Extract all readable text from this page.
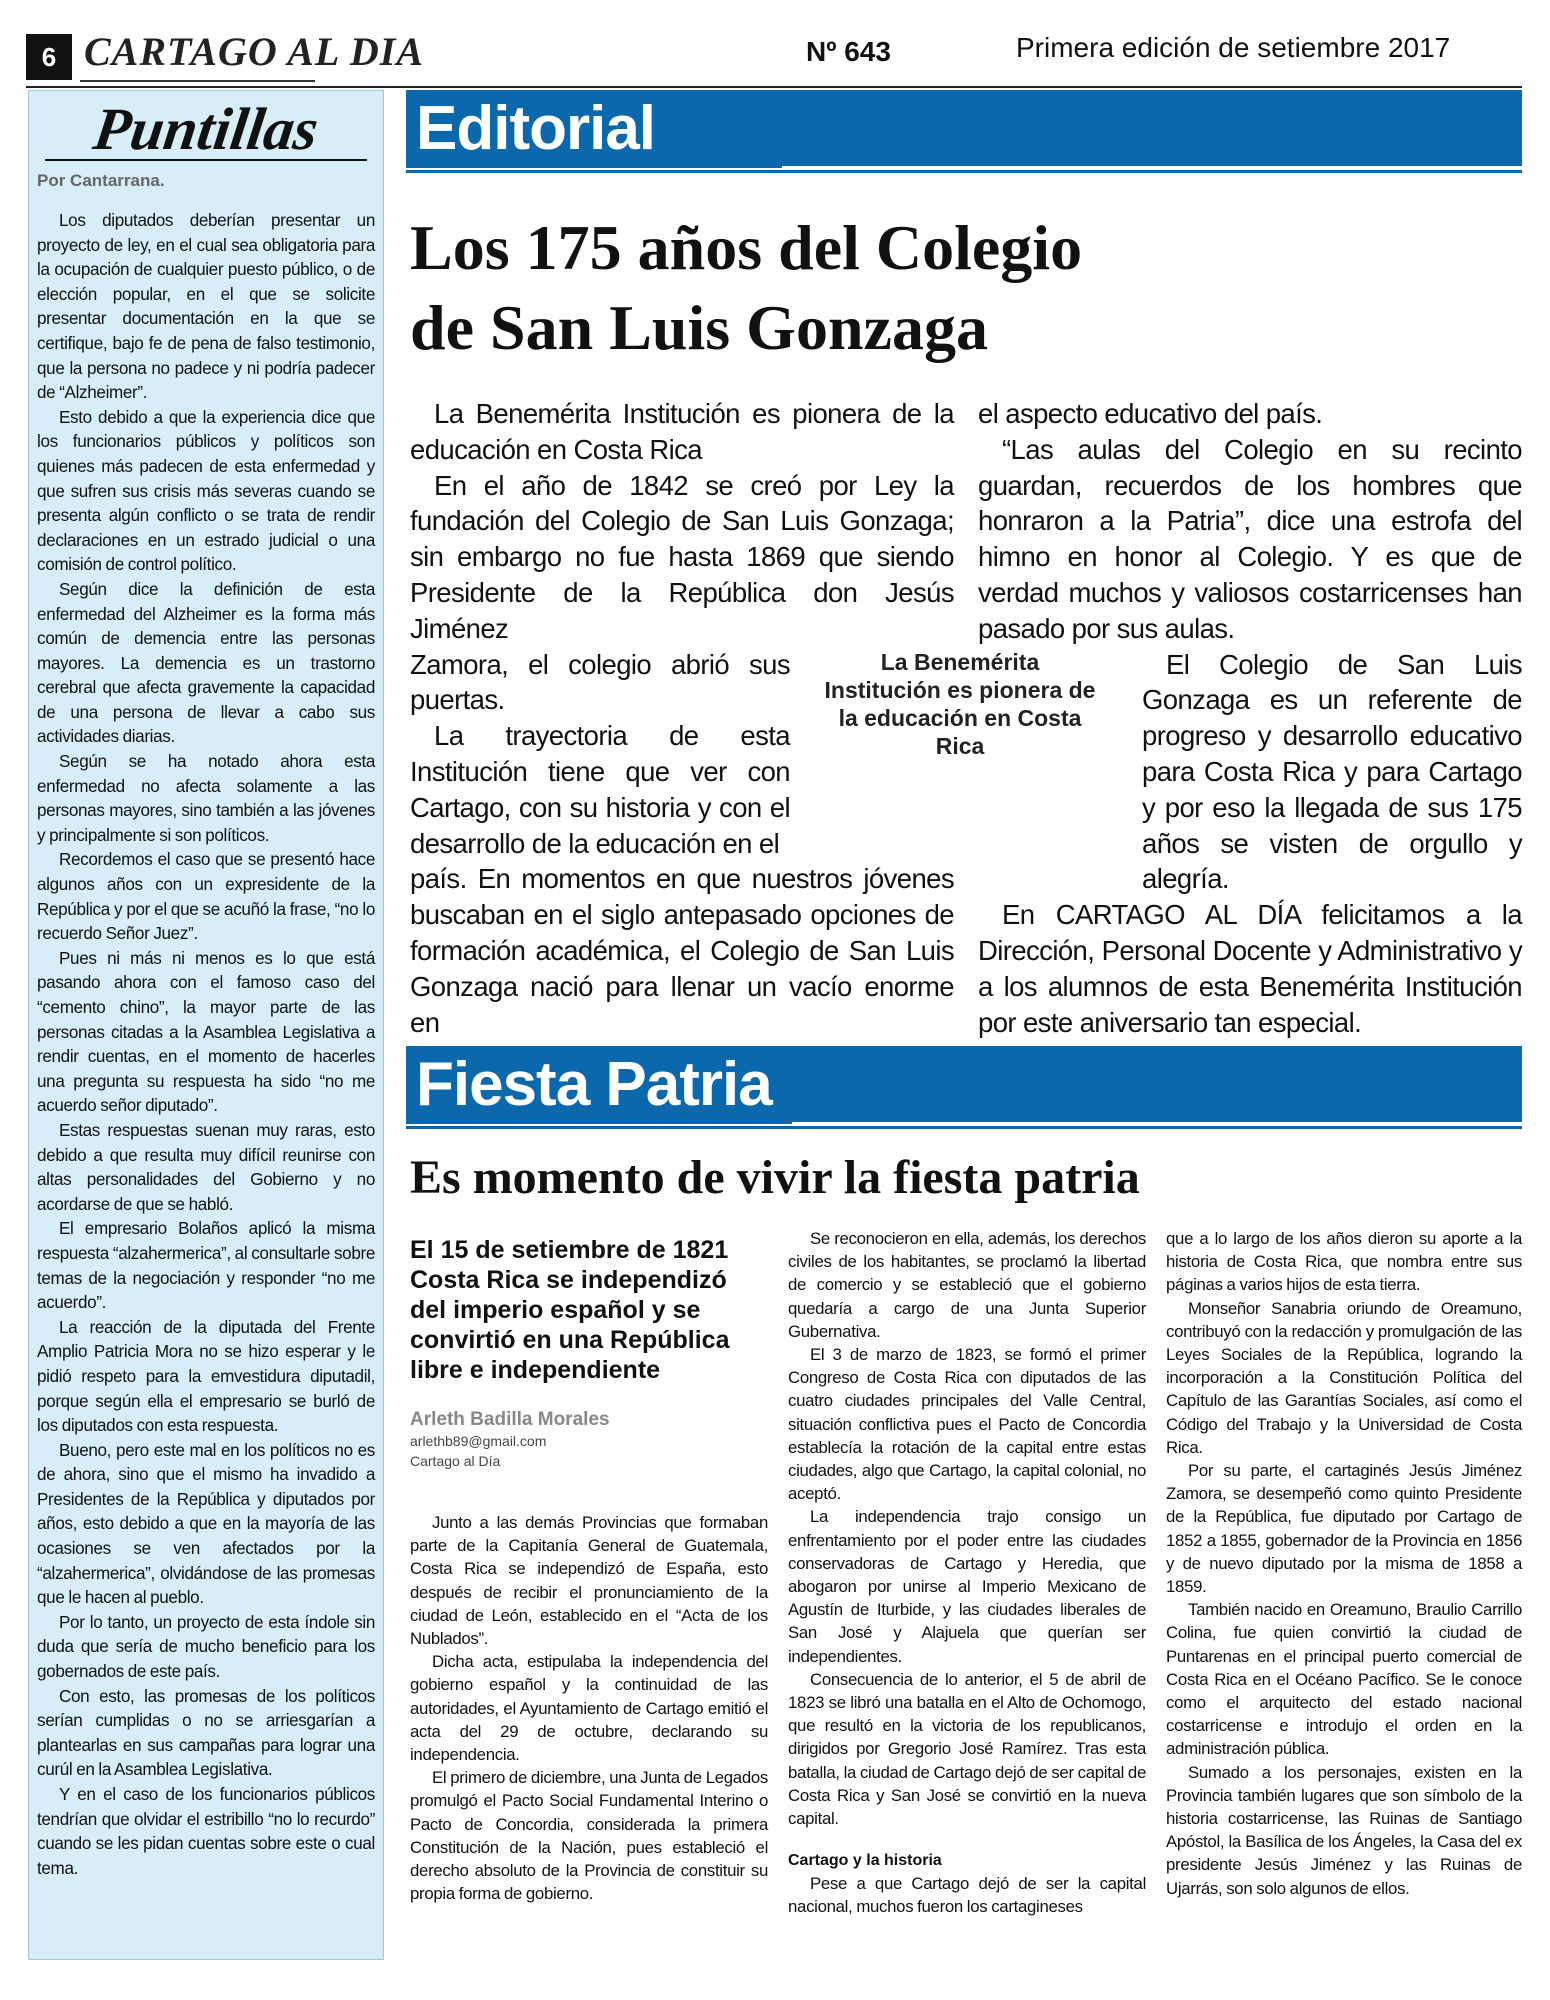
6 CARTAGO AL DIA	Nº 643	Primera edición de setiembre 2017
Puntillas
Por Cantarrana.

Los diputados deberían presentar un proyecto de ley, en el cual sea obligatoria para la ocupación de cualquier puesto público, o de elección popular, en el que se solicite presentar documentación en la que se certifique, bajo fe de pena de falso testimonio, que la persona no padece y ni podría padecer de “Alzheimer”.

Esto debido a que la experiencia dice que los funcionarios públicos y políticos son quienes más padecen de esta enfermedad y que sufren sus crisis más severas cuando se presenta algún conflicto o se trata de rendir declaraciones en un estrado judicial o una comisión de control político.

Según dice la definición de esta enfermedad del Alzheimer es la forma más común de demencia entre las personas mayores. La demencia es un trastorno cerebral que afecta gravemente la capacidad de una persona de llevar a cabo sus actividades diarias.

Según se ha notado ahora esta enfermedad no afecta solamente a las personas mayores, sino también a las jóvenes y principalmente si son políticos.

Recordemos el caso que se presentó hace algunos años con un expresidente de la República y por el que se acuñó la frase, “no lo recuerdo Señor Juez”.

Pues ni más ni menos es lo que está pasando ahora con el famoso caso del “cemento chino”, la mayor parte de las personas citadas a la Asamblea Legislativa a rendir cuentas, en el momento de hacerles una pregunta su respuesta ha sido “no me acuerdo señor diputado”.

Estas respuestas suenan muy raras, esto debido a que resulta muy difícil reunirse con altas personalidades del Gobierno y no acordarse de que se habló.

El empresario Bolaños aplicó la misma respuesta “alzahermerica”, al consultarle sobre temas de la negociación y responder “no me acuerdo”.

La reacción de la diputada del Frente Amplio Patricia Mora no se hizo esperar y le pidió respeto para la emvestidura diputadil, porque según ella el empresario se burló de los diputados con esta respuesta.

Bueno, pero este mal en los políticos no es de ahora, sino que el mismo ha invadido a Presidentes de la República y diputados por años, esto debido a que en la mayoría de las ocasiones se ven afectados por la “alzahermerica”, olvidándose de las promesas que le hacen al pueblo.

Por lo tanto, un proyecto de esta índole sin duda que sería de mucho beneficio para los gobernados de este país.

Con esto, las promesas de los políticos serían cumplidas o no se arriesgarían a plantearlas en sus campañas para lograr una curúl en la Asamblea Legislativa.

Y en el caso de los funcionarios públicos tendrían que olvidar el estribillo “no lo recurdo” cuando se les pidan cuentas sobre este o cual tema.

Editorial
Los 175 años del Colegio
de San Luis Gonzaga

La Benemérita Institución es pionera de la educación en Costa Rica

En el año de 1842 se creó por Ley la fundación del Colegio de San Luis Gonzaga; sin embargo no fue hasta 1869 que siendo Presidente de la República don Jesús Jiménez

Zamora, el colegio abrió sus puertas.

La trayectoria de esta Institución tiene que ver con Cartago, con su historia y con el desarrollo de la educación en el

país. En momentos en que nuestros jóvenes buscaban en el siglo antepasado opciones de formación académica, el Colegio de San Luis Gonzaga nació para llenar un vacío enorme en

La Benemérita Institución es pionera de la educación en Costa Rica

el aspecto educativo del país.

“Las aulas del Colegio en su recinto guardan, recuerdos de los hombres que honraron a la Patria”, dice una estrofa del himno en honor al Colegio. Y es que de verdad muchos y valiosos costarricenses han pasado por sus aulas.

El Colegio de San Luis Gonzaga es un referente de progreso y desarrollo educativo para Costa Rica y para Cartago y por eso la llegada de sus 175 años se visten de orgullo y alegría.

En CARTAGO AL DÍA felicitamos a la Dirección, Personal Docente y Administrativo y a los alumnos de esta Benemérita Institución por este aniversario tan especial.

Fiesta Patria
Es momento de vivir la fiesta patria
El 15 de setiembre de 1821 Costa Rica se independizó del imperio español y se convirtió en una República libre e independiente
Arleth Badilla Morales
arlethb89@gmail.com
Cartago al Día

Junto a las demás Provincias que formaban parte de la Capitanía General de Guatemala, Costa Rica se independizó de España, esto después de recibir el pronunciamiento de la ciudad de León, establecido en el “Acta de los Nublados”.

Dicha acta, estipulaba la independencia del gobierno español y la continuidad de las autoridades, el Ayuntamiento de Cartago emitió el acta del 29 de octubre, declarando su independencia.

El primero de diciembre, una Junta de Legados promulgó el Pacto Social Fundamental Interino o Pacto de Concordia, considerada la primera Constitución de la Nación, pues estableció el derecho absoluto de la Provincia de constituir su propia forma de gobierno.

Se reconocieron en ella, además, los derechos civiles de los habitantes, se proclamó la libertad de comercio y se estableció que el gobierno quedaría a cargo de una Junta Superior Gubernativa.

El 3 de marzo de 1823, se formó el primer Congreso de Costa Rica con diputados de las cuatro ciudades principales del Valle Central, situación conflictiva pues el Pacto de Concordia establecía la rotación de la capital entre estas ciudades, algo que Cartago, la capital colonial, no aceptó.

La independencia trajo consigo un enfrentamiento por el poder entre las ciudades conservadoras de Cartago y Heredia, que abogaron por unirse al Imperio Mexicano de Agustín de Iturbide, y las ciudades liberales de San José y Alajuela que querían ser independientes.

Consecuencia de lo anterior, el 5 de abril de 1823 se libró una batalla en el Alto de Ochomogo, que resultó en la victoria de los republicanos, dirigidos por Gregorio José Ramírez. Tras esta batalla, la ciudad de Cartago dejó de ser capital de Costa Rica y San José se convirtió en la nueva capital.

Cartago y la historia

Pese a que Cartago dejó de ser la capital nacional, muchos fueron los cartagineses

que a lo largo de los años dieron su aporte a la historia de Costa Rica, que nombra entre sus páginas a varios hijos de esta tierra.

Monseñor Sanabria oriundo de Oreamuno, contribuyó con la redacción y promulgación de las Leyes Sociales de la República, logrando la incorporación a la Constitución Política del Capítulo de las Garantías Sociales, así como el Código del Trabajo y la Universidad de Costa Rica.

Por su parte, el cartaginés Jesús Jiménez Zamora, se desempeñó como quinto Presidente de la República, fue diputado por Cartago de 1852 a 1855, gobernador de la Provincia en 1856 y de nuevo diputado por la misma de 1858 a 1859.

También nacido en Oreamuno, Braulio Carrillo Colina, fue quien convirtió la ciudad de Puntarenas en el principal puerto comercial de Costa Rica en el Océano Pacífico. Se le conoce como el arquitecto del estado nacional costarricense e introdujo el orden en la administración pública.

Sumado a los personajes, existen en la Provincia también lugares que son símbolo de la historia costarricense, las Ruinas de Santiago Apóstol, la Basílica de los Ángeles, la Casa del ex presidente Jesús Jiménez y las Ruinas de Ujarrás, son solo algunos de ellos.
